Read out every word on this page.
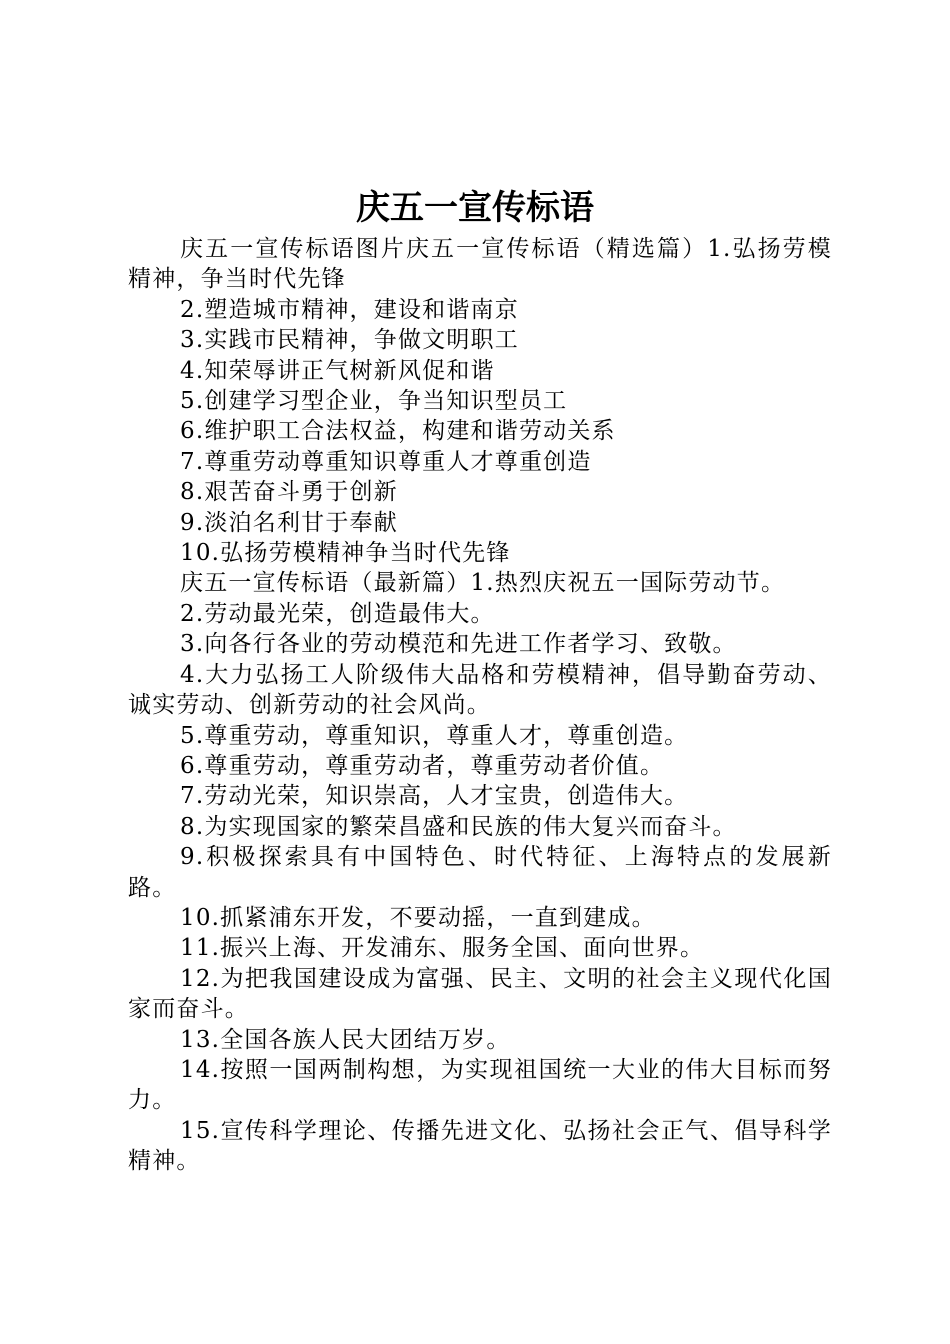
庆五一宣传标语

庆五一宣传标语图片庆五一宣传标语（精选篇）1.弘扬劳模精神，争当时代先锋

2.塑造城市精神，建设和谐南京

3.实践市民精神，争做文明职工

4.知荣辱讲正气树新风促和谐

5.创建学习型企业，争当知识型员工

6.维护职工合法权益，构建和谐劳动关系

7.尊重劳动尊重知识尊重人才尊重创造

8.艰苦奋斗勇于创新

9.淡泊名利甘于奉献

10.弘扬劳模精神争当时代先锋

庆五一宣传标语（最新篇）1.热烈庆祝五一国际劳动节。

2.劳动最光荣，创造最伟大。

3.向各行各业的劳动模范和先进工作者学习、致敬。

4.大力弘扬工人阶级伟大品格和劳模精神，倡导勤奋劳动、诚实劳动、创新劳动的社会风尚。

5.尊重劳动，尊重知识，尊重人才，尊重创造。

6.尊重劳动，尊重劳动者，尊重劳动者价值。

7.劳动光荣，知识崇高，人才宝贵，创造伟大。

8.为实现国家的繁荣昌盛和民族的伟大复兴而奋斗。

9.积极探索具有中国特色、时代特征、上海特点的发展新路。

10.抓紧浦东开发，不要动摇，一直到建成。

11.振兴上海、开发浦东、服务全国、面向世界。

12.为把我国建设成为富强、民主、文明的社会主义现代化国家而奋斗。

13.全国各族人民大团结万岁。

14.按照一国两制构想，为实现祖国统一大业的伟大目标而努力。

15.宣传科学理论、传播先进文化、弘扬社会正气、倡导科学精神。
